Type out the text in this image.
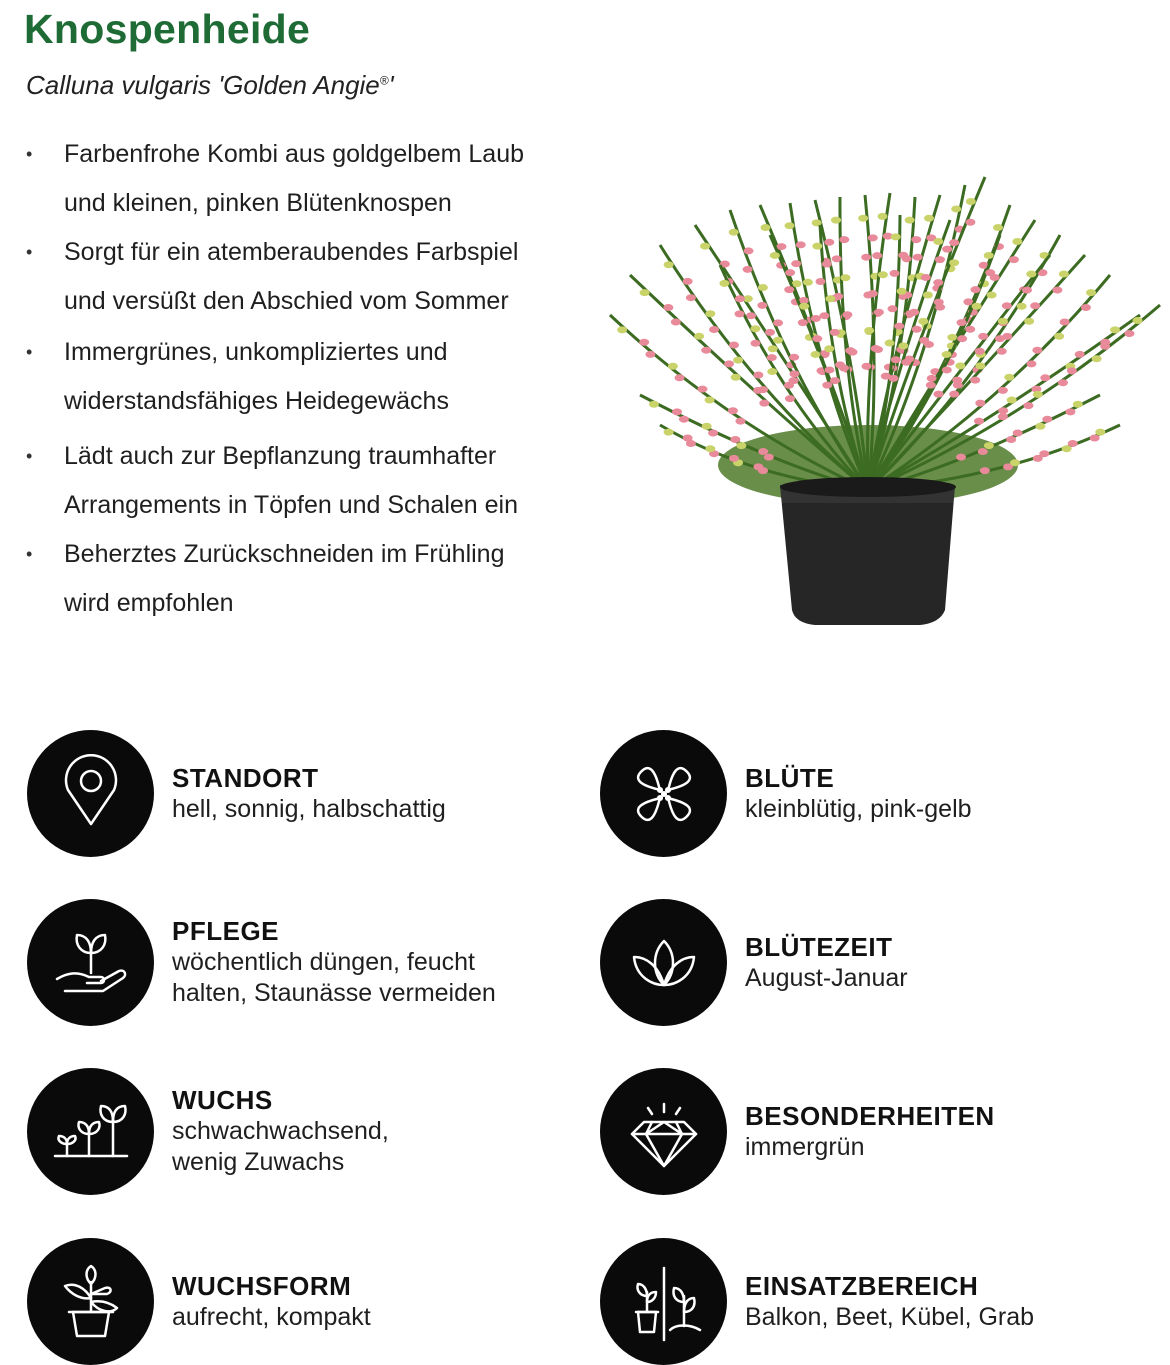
Knospenheide
Calluna vulgaris 'Golden Angie®'
• Farbenfrohe Kombi aus goldgelbem Laub
und kleinen, pinken Blütenknospen
• Sorgt für ein atemberaubendes Farbspiel
und versüßt den Abschied vom Sommer
• Immergrünes, unkompliziertes und
widerstandsfähiges Heidegewächs
• Lädt auch zur Bepflanzung traumhafter
Arrangements in Töpfen und Schalen ein
• Beherztes Zurückschneiden im Frühling
wird empfohlen
STANDORT
hell, sonnig, halbschattig
BLÜTE
kleinblütig, pink-gelb
PFLEGE
wöchentlich düngen, feucht
halten, Staunässe vermeiden
BLÜTEZEIT
August-Januar
WUCHS
schwachwachsend,
wenig Zuwachs
BESONDERHEITEN
immergrün
WUCHSFORM
aufrecht, kompakt
EINSATZBEREICH
Balkon, Beet, Kübel, Grab
